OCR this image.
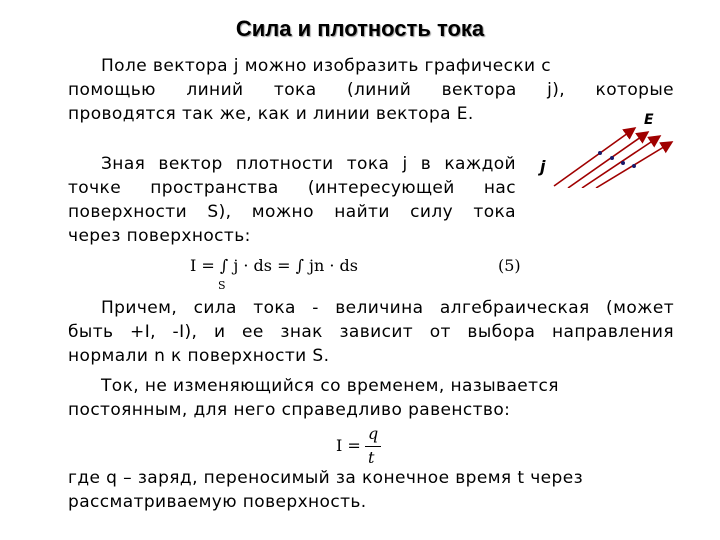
Сила и плотность тока
Поле вектора j можно изобразить графически с
помощью линий тока (линий вектора j), которые
проводятся так же, как и линии вектора E.
Зная вектор плотности тока j в каждой
точке пространства (интересующей нас
поверхности S), можно найти силу тока
через поверхность:
E
j
I = ∫ j · ds = ∫ jn · ds
S
(5)
Причем, сила тока - величина алгебраическая (может
быть +I, -I), и ее знак зависит от выбора направления
нормали n к поверхности S.
Ток, не изменяющийся со временем, называется
постоянным, для него справедливо равенство:
I =
q
t
где q – заряд, переносимый за конечное время t через
рассматриваемую поверхность.
